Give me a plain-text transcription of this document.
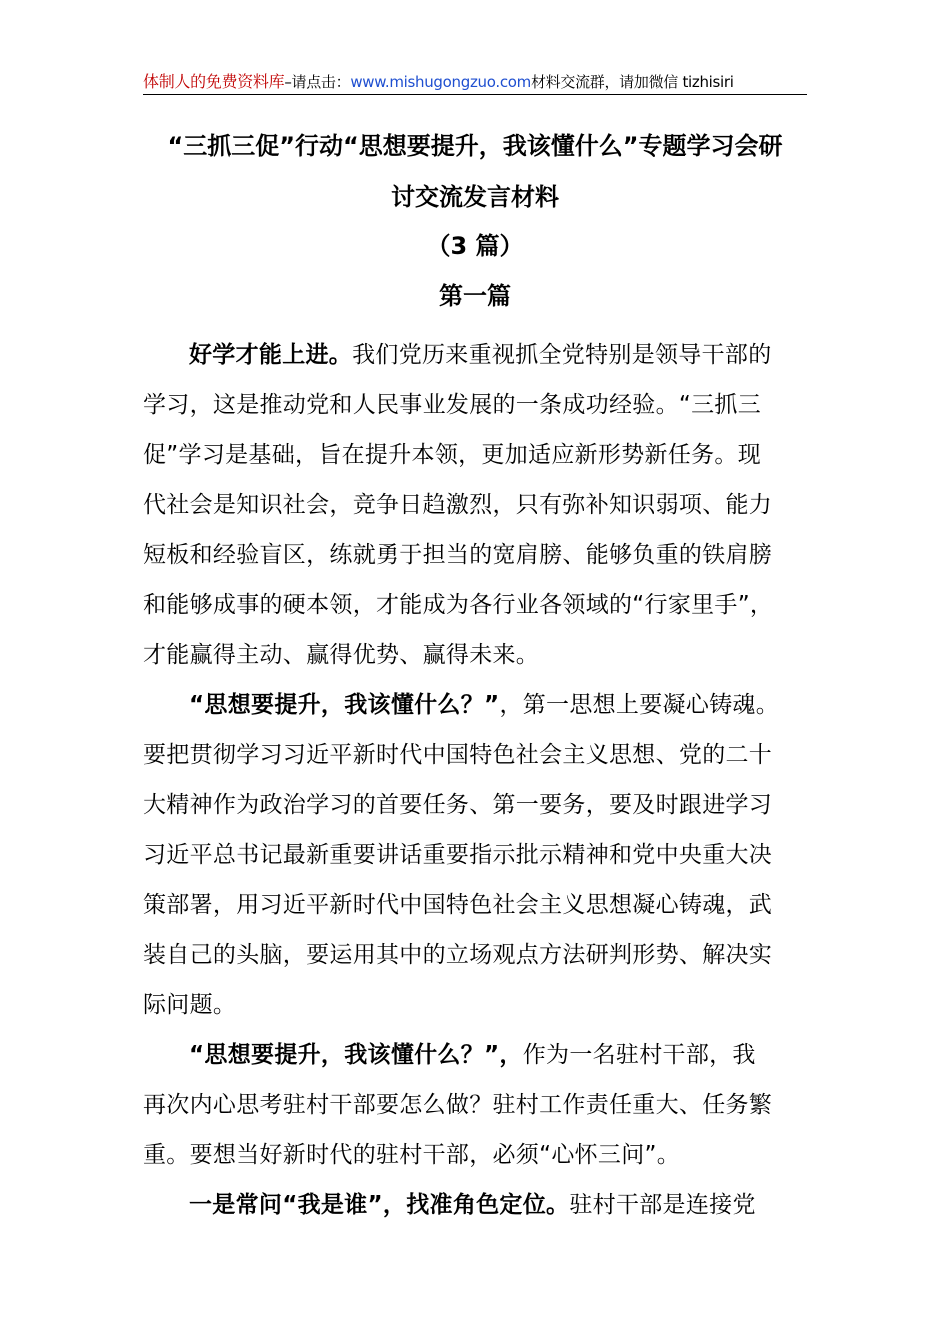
体制人的免费资料库–请点击：www.mishugongzuo.com材料交流群，请加微信 tizhisiri
“三抓三促”行动“思想要提升，我该懂什么”专题学习会研
讨交流发言材料
（3 篇）
第一篇
好学才能上进。我们党历来重视抓全党特别是领导干部的
学习，这是推动党和人民事业发展的一条成功经验。“三抓三
促”学习是基础，旨在提升本领，更加适应新形势新任务。现
代社会是知识社会，竞争日趋激烈，只有弥补知识弱项、能力
短板和经验盲区，练就勇于担当的宽肩膀、能够负重的铁肩膀
和能够成事的硬本领，才能成为各行业各领域的“行家里手”，
才能赢得主动、赢得优势、赢得未来。
“思想要提升，我该懂什么？”，第一思想上要凝心铸魂。
要把贯彻学习习近平新时代中国特色社会主义思想、党的二十
大精神作为政治学习的首要任务、第一要务，要及时跟进学习
习近平总书记最新重要讲话重要指示批示精神和党中央重大决
策部署，用习近平新时代中国特色社会主义思想凝心铸魂，武
装自己的头脑，要运用其中的立场观点方法研判形势、解决实
际问题。
“思想要提升，我该懂什么？”，作为一名驻村干部，我
再次内心思考驻村干部要怎么做？驻村工作责任重大、任务繁
重。要想当好新时代的驻村干部，必须“心怀三问”。
一是常问“我是谁”，找准角色定位。驻村干部是连接党
